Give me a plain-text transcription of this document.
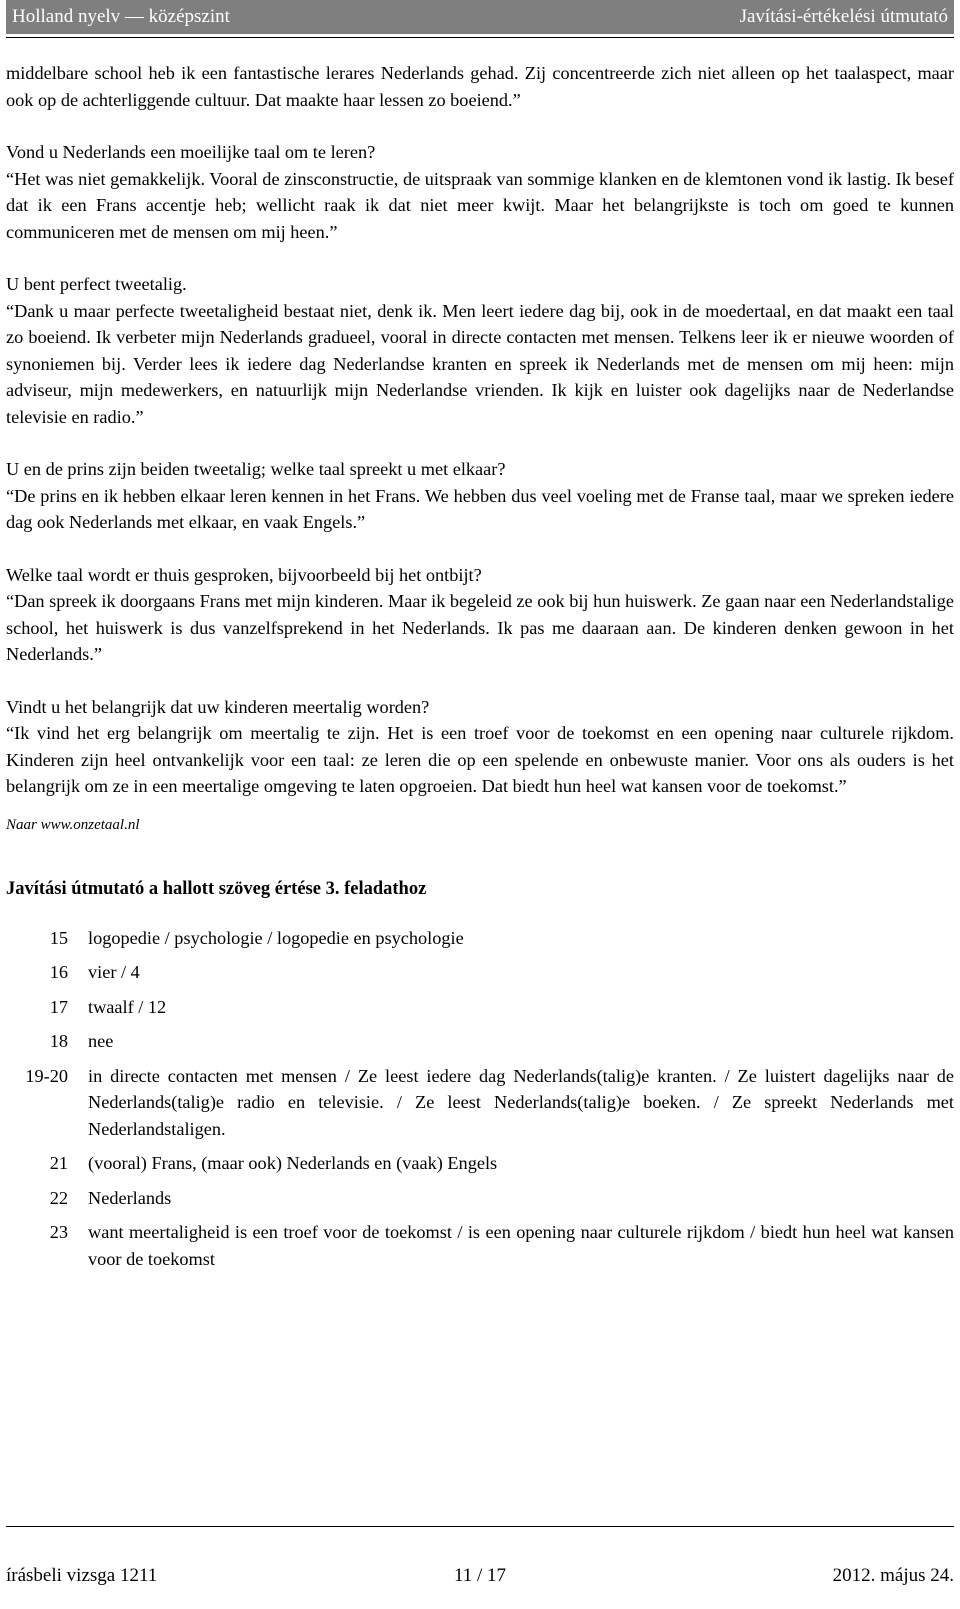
Holland nyelv — középszint	Javítási-értékelési útmutató

middelbare school heb ik een fantastische lerares Nederlands gehad. Zij concentreerde zich niet alleen op het taalaspect, maar ook op de achterliggende cultuur. Dat maakte haar lessen zo boeiend.”

Vond u Nederlands een moeilijke taal om te leren?

“Het was niet gemakkelijk. Vooral de zinsconstructie, de uitspraak van sommige klanken en de klemtonen vond ik lastig. Ik besef dat ik een Frans accentje heb; wellicht raak ik dat niet meer kwijt. Maar het belangrijkste is toch om goed te kunnen communiceren met de mensen om mij heen.”

U bent perfect tweetalig.

“Dank u maar perfecte tweetaligheid bestaat niet, denk ik. Men leert iedere dag bij, ook in de moedertaal, en dat maakt een taal zo boeiend. Ik verbeter mijn Nederlands gradueel, vooral in directe contacten met mensen. Telkens leer ik er nieuwe woorden of synoniemen bij. Verder lees ik iedere dag Nederlandse kranten en spreek ik Nederlands met de mensen om mij heen: mijn adviseur, mijn medewerkers, en natuurlijk mijn Nederlandse vrienden. Ik kijk en luister ook dagelijks naar de Nederlandse televisie en radio.”

U en de prins zijn beiden tweetalig; welke taal spreekt u met elkaar?

“De prins en ik hebben elkaar leren kennen in het Frans. We hebben dus veel voeling met de Franse taal, maar we spreken iedere dag ook Nederlands met elkaar, en vaak Engels.”

Welke taal wordt er thuis gesproken, bijvoorbeeld bij het ontbijt?

“Dan spreek ik doorgaans Frans met mijn kinderen. Maar ik begeleid ze ook bij hun huiswerk. Ze gaan naar een Nederlandstalige school, het huiswerk is dus vanzelfsprekend in het Nederlands. Ik pas me daaraan aan. De kinderen denken gewoon in het Nederlands.”

Vindt u het belangrijk dat uw kinderen meertalig worden?

“Ik vind het erg belangrijk om meertalig te zijn. Het is een troef voor de toekomst en een opening naar culturele rijkdom. Kinderen zijn heel ontvankelijk voor een taal: ze leren die op een spelende en onbewuste manier. Voor ons als ouders is het belangrijk om ze in een meertalige omgeving te laten opgroeien. Dat biedt hun heel wat kansen voor de toekomst.”

Naar www.onzetaal.nl
Javítási útmutató a hallott szöveg értése 3. feladathoz
15	logopedie / psychologie / logopedie en psychologie
16	vier / 4
17	twaalf / 12
18	nee
19-20	in directe contacten met mensen / Ze leest iedere dag Nederlands(talig)e kranten. / Ze luistert dagelijks naar de Nederlands(talig)e radio en televisie. / Ze leest Nederlands(talig)e boeken. / Ze spreekt Nederlands met Nederlandstaligen.
21	(vooral) Frans, (maar ook) Nederlands en (vaak) Engels
22	Nederlands
23	want meertaligheid is een troef voor de toekomst / is een opening naar culturele rijkdom / biedt hun heel wat kansen voor de toekomst
írásbeli vizsga 1211	11 / 17	2012. május 24.
